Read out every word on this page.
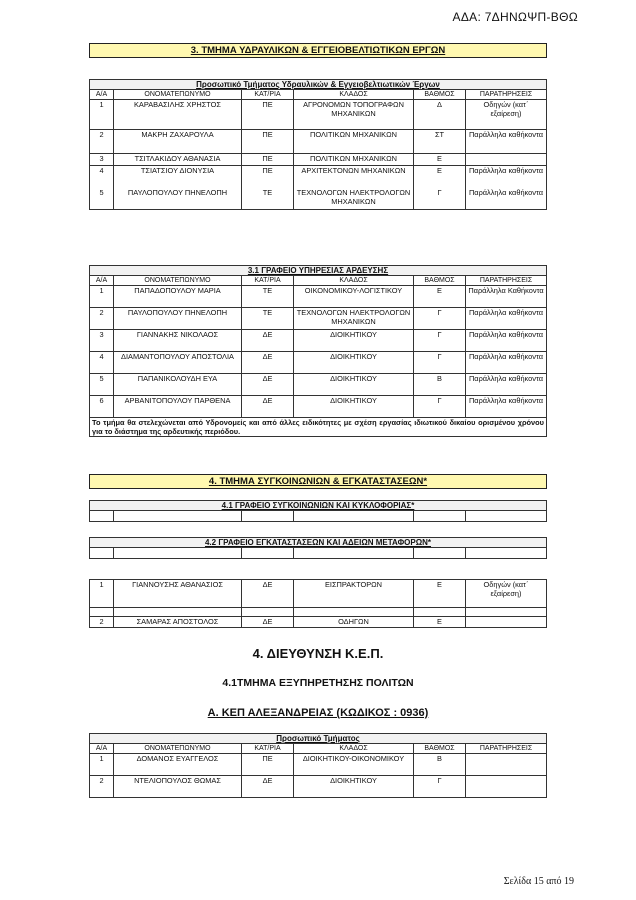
ΑΔΑ: 7ΔΗΝΩΨΠ-ΒΘΩ
3. ΤΜΗΜΑ ΥΔΡΑΥΛΙΚΩΝ & ΕΓΓΕΙΟΒΕΛΤΙΩΤΙΚΩΝ ΕΡΓΩΝ
Προσωπικό Τμήματος Υδραυλικών & Εγγειοβελτιωτικών Έργων					
Α/Α	ΟΝΟΜΑΤΕΠΩΝΥΜΟ	ΚΑΤ/ΡΙΑ	ΚΛΑΔΟΣ	ΒΑΘΜΟΣ	ΠΑΡΑΤΗΡΗΣΕΙΣ
1	ΚΑΡΑΒΑΣΙΛΗΣ ΧΡΗΣΤΟΣ	ΠΕ	ΑΓΡΟΝΟΜΩΝ ΤΟΠΟΓΡΑΦΩΝ ΜΗΧΑΝΙΚΩΝ	Δ	Οδηγών (κατ΄ εξαίρεση)
2	ΜΑΚΡΗ ΖΑΧΑΡΟΥΛΑ	ΠΕ	ΠΟΛΙΤΙΚΩΝ ΜΗΧΑΝΙΚΩΝ	ΣΤ	Παράλληλα καθήκοντα
3	ΤΣΙΤΛΑΚΙΔΟΥ ΑΘΑΝΑΣΙΑ	ΠΕ	ΠΟΛΙΤΙΚΩΝ ΜΗΧΑΝΙΚΩΝ	Ε	
4	ΤΣΙΑΤΣΙΟΥ ΔΙΟΝΥΣΙΑ	ΠΕ	ΑΡΧΙΤΕΚΤΟΝΩΝ ΜΗΧΑΝΙΚΩΝ	Ε	Παράλληλα καθήκοντα
5	ΠΑΥΛΟΠΟΥΛΟΥ ΠΗΝΕΛΟΠΗ	ΤΕ	ΤΕΧΝΟΛΟΓΩΝ ΗΛΕΚΤΡΟΛΟΓΩΝ ΜΗΧΑΝΙΚΩΝ	Γ	Παράλληλα καθήκοντα
3.1 ΓΡΑΦΕΙΟ ΥΠΗΡΕΣΙΑΣ ΑΡΔΕΥΣΗΣ					
Α/Α	ΟΝΟΜΑΤΕΠΩΝΥΜΟ	ΚΑΤ/ΡΙΑ	ΚΛΑΔΟΣ	ΒΑΘΜΟΣ	ΠΑΡΑΤΗΡΗΣΕΙΣ
1	ΠΑΠΑΔΟΠΟΥΛΟΥ ΜΑΡΙΑ	ΤΕ	ΟΙΚΟΝΟΜΙΚΟΥ-ΛΟΓΙΣΤΙΚΟΥ	Ε	Παράλληλα Καθήκοντα
2	ΠΑΥΛΟΠΟΥΛΟΥ ΠΗΝΕΛΟΠΗ	ΤΕ	ΤΕΧΝΟΛΟΓΩΝ ΗΛΕΚΤΡΟΛΟΓΩΝ ΜΗΧΑΝΙΚΩΝ	Γ	Παράλληλα καθήκοντα
3	ΓΙΑΝΝΑΚΗΣ ΝΙΚΟΛΑΟΣ	ΔΕ	ΔΙΟΙΚΗΤΙΚΟΥ	Γ	Παράλληλα καθήκοντα
4	ΔΙΑΜΑΝΤΟΠΟΥΛΟΥ ΑΠΟΣΤΟΛΙΑ	ΔΕ	ΔΙΟΙΚΗΤΙΚΟΥ	Γ	Παράλληλα καθήκοντα
5	ΠΑΠΑΝΙΚΟΛΟΥΔΗ ΕΥΑ	ΔΕ	ΔΙΟΙΚΗΤΙΚΟΥ	Β	Παράλληλα καθήκοντα
6	ΑΡΒΑΝΙΤΟΠΟΥΛΟΥ ΠΑΡΘΕΝΑ	ΔΕ	ΔΙΟΙΚΗΤΙΚΟΥ	Γ	Παράλληλα καθήκοντα
Το τμήμα θα στελεχώνεται από Υδρονομείς και από άλλες ειδικότητες με σχέση εργασίας ιδιωτικού δικαίου ορισμένου χρόνου για το διάστημα της αρδευτικής περιόδου.					
4. ΤΜΗΜΑ ΣΥΓΚΟΙΝΩΝΙΩΝ & ΕΓΚΑΤΑΣΤΑΣΕΩΝ*
4.1 ΓΡΑΦΕΙΟ ΣΥΓΚΟΙΝΩΝΙΩΝ ΚΑΙ ΚΥΚΛΟΦΟΡΙΑΣ*

4.2 ΓΡΑΦΕΙΟ ΕΓΚΑΤΑΣΤΑΣΕΩΝ ΚΑΙ ΑΔΕΙΩΝ ΜΕΤΑΦΟΡΩΝ*

1	ΓΙΑΝΝΟΥΣΗΣ ΑΘΑΝΑΣΙΟΣ	ΔΕ	ΕΙΣΠΡΑΚΤΟΡΩΝ	Ε	Οδηγών (κατ΄ εξαίρεση)

2	ΣΑΜΑΡΑΣ ΑΠΟΣΤΟΛΟΣ	ΔΕ	ΟΔΗΓΩΝ	Ε	
4. ΔΙΕΥΘΥΝΣΗ Κ.Ε.Π.
4.1ΤΜΗΜΑ ΕΞΥΠΗΡΕΤΗΣΗΣ ΠΟΛΙΤΩΝ
Α. ΚΕΠ ΑΛΕΞΑΝΔΡΕΙΑΣ (ΚΩΔΙΚΟΣ : 0936)
Προσωπικό Τμήματος					
Α/Α	ΟΝΟΜΑΤΕΠΩΝΥΜΟ	ΚΑΤ/ΡΙΑ	ΚΛΑΔΟΣ	ΒΑΘΜΟΣ	ΠΑΡΑΤΗΡΗΣΕΙΣ
1	ΔΟΜΑΝΟΣ ΕΥΑΓΓΕΛΟΣ	ΠΕ	ΔΙΟΙΚΗΤΙΚΟΥ-ΟΙΚΟΝΟΜΙΚΟΥ	Β	
2	ΝΤΕΛΙΟΠΟΥΛΟΣ ΘΩΜΑΣ	ΔΕ	ΔΙΟΙΚΗΤΙΚΟΥ	Γ	
Σελίδα 15 από 19
